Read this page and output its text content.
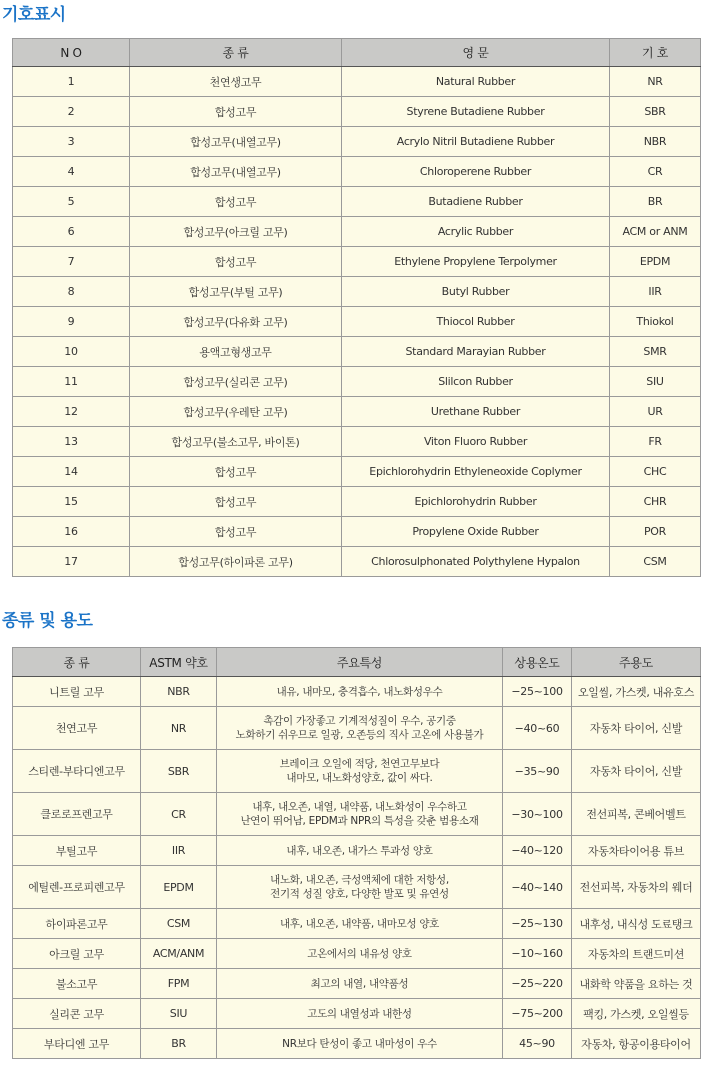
기호표시
N O	종 류	영 문	기 호
1	천연생고무	Natural Rubber	NR
2	합성고무	Styrene Butadiene Rubber	SBR
3	합성고무(내열고무)	Acrylo Nitril Butadiene Rubber	NBR
4	합성고무(내열고무)	Chloroperene Rubber	CR
5	합성고무	Butadiene Rubber	BR
6	합성고무(아크릴 고무)	Acrylic Rubber	ACM or ANM
7	합성고무	Ethylene Propylene Terpolymer	EPDM
8	합성고무(부틸 고무)	Butyl Rubber	IIR
9	합성고무(다유화 고무)	Thiocol Rubber	Thiokol
10	용액고형생고무	Standard Marayian Rubber	SMR
11	합성고무(실리콘 고무)	Slilcon Rubber	SIU
12	합성고무(우레탄 고무)	Urethane Rubber	UR
13	합성고무(불소고무, 바이톤)	Viton Fluoro Rubber	FR
14	합성고무	Epichlorohydrin Ethyleneoxide Coplymer	CHC
15	합성고무	Epichlorohydrin Rubber	CHR
16	합성고무	Propylene Oxide Rubber	POR
17	합성고무(하이파론 고무)	Chlorosulphonated Polythylene Hypalon	CSM
종류 및 용도
종 류	ASTM 약호	주요특성	상용온도	주용도
니트릴 고무	NBR	내유, 내마모, 충격흡수, 내노화성우수	−25~100	오일씰, 가스켓, 내유호스
천연고무	NR	촉감이 가장좋고 기계적성질이 우수, 공기중
노화하기 쉬우므로 일광, 오존등의 직사 고온에 사용불가	−40~60	자동차 타이어, 신발
스티렌-부타디엔고무	SBR	브레이크 오일에 적당, 천연고무보다
내마모, 내노화성양호, 값이 싸다.	−35~90	자동차 타이어, 신발
클로로프렌고무	CR	내후, 내오존, 내열, 내약품, 내노화성이 우수하고
난연이 뛰어남, EPDM과 NPR의 특성을 갖춘 범용소재	−30~100	전선피복, 콘베어벨트
부틸고무	IIR	내후, 내오존, 내가스 투과성 양호	−40~120	자동차타이어용 튜브
에틸렌-프로피렌고무	EPDM	내노화, 내오존, 극성액체에 대한 저항성,
전기적 성질 양호, 다양한 발포 및 유연성	−40~140	전선피복, 자동차의 웨더
하이파론고무	CSM	내후, 내오존, 내약품, 내마모성 양호	−25~130	내후성, 내식성 도료탱크
아크릴 고무	ACM/ANM	고온에서의 내유성 양호	−10~160	자동차의 트랜드미션
불소고무	FPM	최고의 내열, 내약품성	−25~220	내화학 약품을 요하는 것
실리콘 고무	SIU	고도의 내열성과 내한성	−75~200	팩킹, 가스켓, 오일씰등
부타디엔 고무	BR	NR보다 탄성이 좋고 내마성이 우수	45~90	자동차, 항공이용타이어
